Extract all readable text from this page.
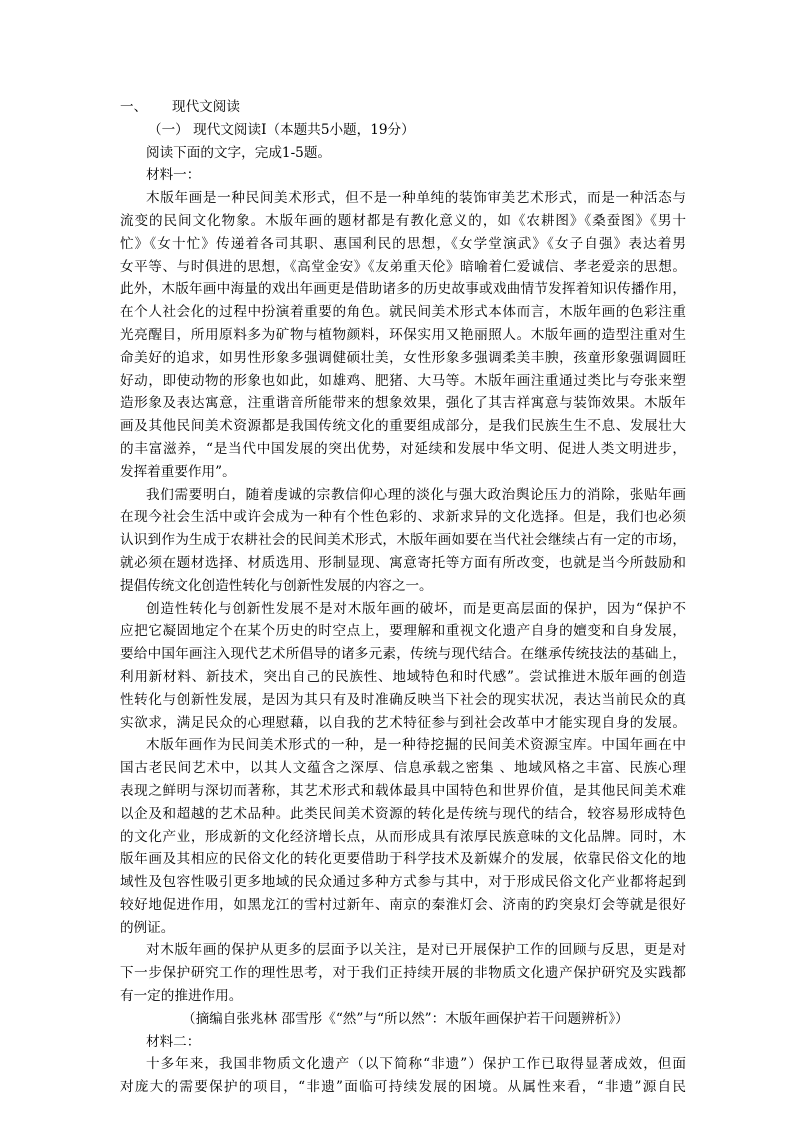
一、 现代文阅读
（一） 现代文阅读Ⅰ（本题共5小题，19分）
阅读下面的文字，完成1-5题。
材料一：
木版年画是一种民间美术形式，但不是一种单纯的装饰审美艺术形式，而是一种活态与
流变的民间文化物象。木版年画的题材都是有教化意义的，如《农耕图》《桑蚕图》《男十
忙》《女十忙》传递着各司其职、惠国利民的思想，《女学堂演武》《女子自强》表达着男
女平等、与时俱进的思想，《高堂金安》《友弟重天伦》暗喻着仁爱诚信、孝老爱亲的思想。
此外，木版年画中海量的戏出年画更是借助诸多的历史故事或戏曲情节发挥着知识传播作用，
在个人社会化的过程中扮演着重要的角色。就民间美术形式本体而言，木版年画的色彩注重
光亮醒目，所用原料多为矿物与植物颜料，环保实用又艳丽照人。木版年画的造型注重对生
命美好的追求，如男性形象多强调健硕壮美，女性形象多强调柔美丰腴，孩童形象强调圆旺
好动，即使动物的形象也如此，如雄鸡、肥猪、大马等。木版年画注重通过类比与夸张来塑
造形象及表达寓意，注重谐音所能带来的想象效果，强化了其吉祥寓意与装饰效果。木版年
画及其他民间美术资源都是我国传统文化的重要组成部分，是我们民族生生不息、发展壮大
的丰富滋养，“是当代中国发展的突出优势，对延续和发展中华文明、促进人类文明进步，
发挥着重要作用”。
我们需要明白，随着虔诚的宗教信仰心理的淡化与强大政治舆论压力的消除，张贴年画
在现今社会生活中或许会成为一种有个性色彩的、求新求异的文化选择。但是，我们也必须
认识到作为生成于农耕社会的民间美术形式，木版年画如要在当代社会继续占有一定的市场，
就必须在题材选择、材质选用、形制显现、寓意寄托等方面有所改变，也就是当今所鼓励和
提倡传统文化创造性转化与创新性发展的内容之一。
创造性转化与创新性发展不是对木版年画的破坏，而是更高层面的保护，因为“保护不
应把它凝固地定个在某个历史的时空点上，要理解和重视文化遗产自身的嬗变和自身发展，
要给中国年画注入现代艺术所倡导的诸多元素，传统与现代结合。在继承传统技法的基础上，
利用新材料、新技术，突出自己的民族性、地域特色和时代感”。尝试推进木版年画的创造
性转化与创新性发展，是因为其只有及时准确反映当下社会的现实状况，表达当前民众的真
实欲求，满足民众的心理慰藉，以自我的艺术特征参与到社会改革中才能实现自身的发展。
木版年画作为民间美术形式的一种，是一种待挖掘的民间美术资源宝库。中国年画在中
国古老民间艺术中，以其人文蕴含之深厚、信息承载之密集 、地域风格之丰富、民族心理
表现之鲜明与深切而著称，其艺术形式和载体最具中国特色和世界价值，是其他民间美术难
以企及和超越的艺术品种。此类民间美术资源的转化是传统与现代的结合，较容易形成特色
的文化产业，形成新的文化经济增长点，从而形成具有浓厚民族意味的文化品牌。同时，木
版年画及其相应的民俗文化的转化更要借助于科学技术及新媒介的发展，依靠民俗文化的地
域性及包容性吸引更多地域的民众通过多种方式参与其中，对于形成民俗文化产业都将起到
较好地促进作用，如黑龙江的雪村过新年、南京的秦淮灯会、济南的趵突泉灯会等就是很好
的例证。
对木版年画的保护从更多的层面予以关注，是对已开展保护工作的回顾与反思，更是对
下一步保护研究工作的理性思考，对于我们正持续开展的非物质文化遗产保护研究及实践都
有一定的推进作用。
（摘编自张兆林 邵雪彤《“然”与“所以然”：木版年画保护若干问题辨析》）
材料二：
十多年来，我国非物质文化遗产（以下简称“非遗”）保护工作已取得显著成效，但面
对庞大的需要保护的项目，“非遗”面临可持续发展的困境。从属性来看，“非遗”源自民
